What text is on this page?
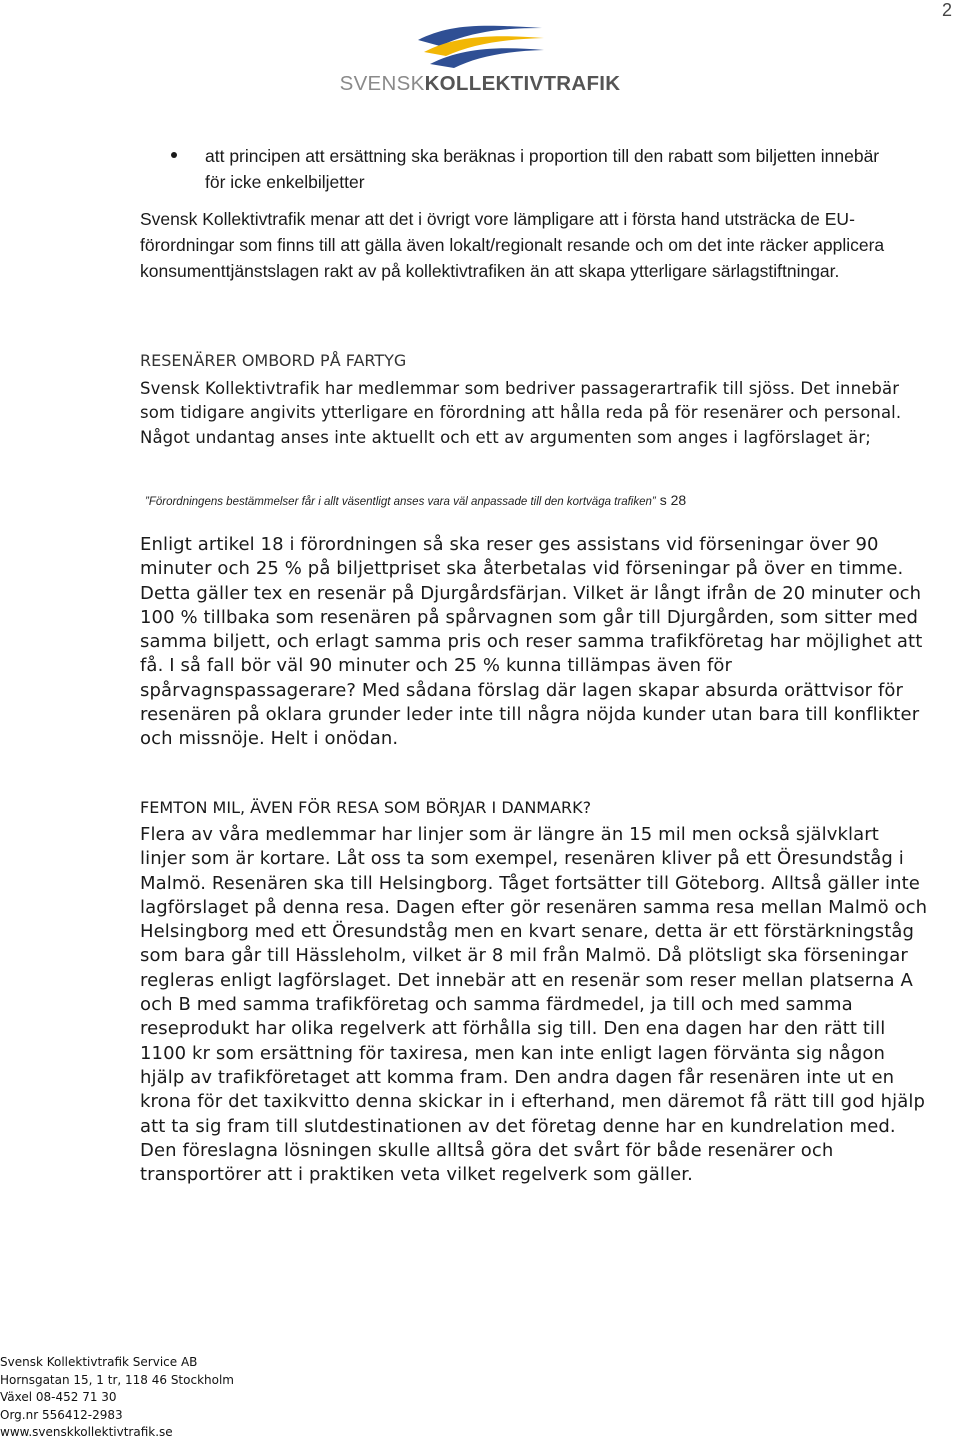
2
SVENSKKOLLEKTIVTRAFIK
att principen att ersättning ska beräknas i proportion till den rabatt som biljetten innebär för icke enkelbiljetter

Svensk Kollektivtrafik menar att det i övrigt vore lämpligare att i första hand utsträcka de EU-förordningar som finns till att gälla även lokalt/regionalt resande och om det inte räcker applicera konsumenttjänstslagen rakt av på kollektivtrafiken än att skapa ytterligare särlagstiftningar.

RESENÄRER OMBORD PÅ FARTYG

Svensk Kollektivtrafik har medlemmar som bedriver passagerartrafik till sjöss. Det innebär som tidigare angivits ytterligare en förordning att hålla reda på för resenärer och personal. Något undantag anses inte aktuellt och ett av argumenten som anges i lagförslaget är;

”Förordningens bestämmelser får i allt väsentligt anses vara väl anpassade till den kortväga trafiken” s 28

Enligt artikel 18 i förordningen så ska reser ges assistans vid förseningar över 90 minuter och 25 % på biljettpriset ska återbetalas vid förseningar på över en timme. Detta gäller tex en resenär på Djurgårdsfärjan. Vilket är långt ifrån de 20 minuter och 100 % tillbaka som resenären på spårvagnen som går till Djurgården, som sitter med samma biljett, och erlagt samma pris och reser samma trafikföretag har möjlighet att få. I så fall bör väl 90 minuter och 25 % kunna tillämpas även för spårvagnspassagerare? Med sådana förslag där lagen skapar absurda orättvisor för resenären på oklara grunder leder inte till några nöjda kunder utan bara till konflikter och missnöje. Helt i onödan.

FEMTON MIL, ÄVEN FÖR RESA SOM BÖRJAR I DANMARK?

Flera av våra medlemmar har linjer som är längre än 15 mil men också självklart linjer som är kortare. Låt oss ta som exempel, resenären kliver på ett Öresundståg i Malmö. Resenären ska till Helsingborg. Tåget fortsätter till Göteborg. Alltså gäller inte lagförslaget på denna resa. Dagen efter gör resenären samma resa mellan Malmö och Helsingborg med ett Öresundståg men en kvart senare, detta är ett förstärkningståg som bara går till Hässleholm, vilket är 8 mil från Malmö. Då plötsligt ska förseningar regleras enligt lagförslaget. Det innebär att en resenär som reser mellan platserna A och B med samma trafikföretag och samma färdmedel, ja till och med samma reseprodukt har olika regelverk att förhålla sig till. Den ena dagen har den rätt till 1100 kr som ersättning för taxiresa, men kan inte enligt lagen förvänta sig någon hjälp av trafikföretaget att komma fram. Den andra dagen får resenären inte ut en krona för det taxikvitto denna skickar in i efterhand, men däremot få rätt till god hjälp att ta sig fram till slutdestinationen av det företag denne har en kundrelation med. Den föreslagna lösningen skulle alltså göra det svårt för både resenärer och transportörer att i praktiken veta vilket regelverk som gäller.

Svensk Kollektivtrafik Service AB
Hornsgatan 15, 1 tr, 118 46 Stockholm
Växel 08-452 71 30
Org.nr 556412-2983
www.svenskkollektivtrafik.se
